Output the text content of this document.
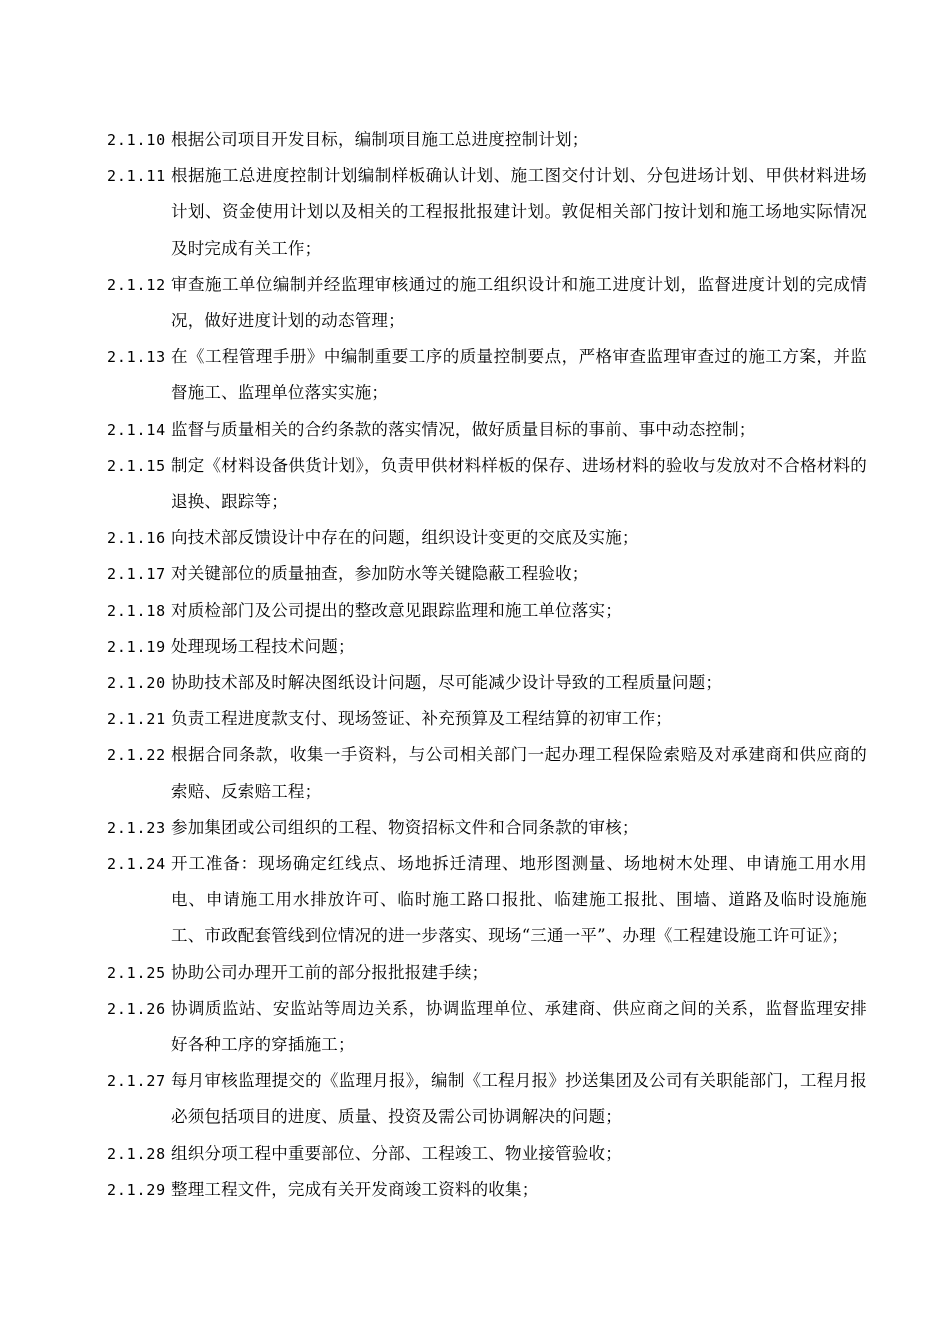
2.1.10 根据公司项目开发目标，编制项目施工总进度控制计划；
2.1.11 根据施工总进度控制计划编制样板确认计划、施工图交付计划、分包进场计划、甲供材料进场计划、资金使用计划以及相关的工程报批报建计划。敦促相关部门按计划和施工场地实际情况及时完成有关工作；
2.1.12 审查施工单位编制并经监理审核通过的施工组织设计和施工进度计划，监督进度计划的完成情况，做好进度计划的动态管理；
2.1.13 在《工程管理手册》中编制重要工序的质量控制要点，严格审查监理审查过的施工方案，并监督施工、监理单位落实实施；
2.1.14 监督与质量相关的合约条款的落实情况，做好质量目标的事前、事中动态控制；
2.1.15 制定《材料设备供货计划》，负责甲供材料样板的保存、进场材料的验收与发放对不合格材料的退换、跟踪等；
2.1.16 向技术部反馈设计中存在的问题，组织设计变更的交底及实施；
2.1.17 对关键部位的质量抽查，参加防水等关键隐蔽工程验收；
2.1.18 对质检部门及公司提出的整改意见跟踪监理和施工单位落实；
2.1.19 处理现场工程技术问题；
2.1.20 协助技术部及时解决图纸设计问题，尽可能减少设计导致的工程质量问题；
2.1.21 负责工程进度款支付、现场签证、补充预算及工程结算的初审工作；
2.1.22 根据合同条款，收集一手资料，与公司相关部门一起办理工程保险索赔及对承建商和供应商的索赔、反索赔工程；
2.1.23 参加集团或公司组织的工程、物资招标文件和合同条款的审核；
2.1.24 开工准备：现场确定红线点、场地拆迁清理、地形图测量、场地树木处理、申请施工用水用电、申请施工用水排放许可、临时施工路口报批、临建施工报批、围墙、道路及临时设施施工、市政配套管线到位情况的进一步落实、现场“三通一平”、办理《工程建设施工许可证》；
2.1.25 协助公司办理开工前的部分报批报建手续；
2.1.26 协调质监站、安监站等周边关系，协调监理单位、承建商、供应商之间的关系，监督监理安排好各种工序的穿插施工；
2.1.27 每月审核监理提交的《监理月报》，编制《工程月报》抄送集团及公司有关职能部门，工程月报必须包括项目的进度、质量、投资及需公司协调解决的问题；
2.1.28 组织分项工程中重要部位、分部、工程竣工、物业接管验收；
2.1.29 整理工程文件，完成有关开发商竣工资料的收集；
